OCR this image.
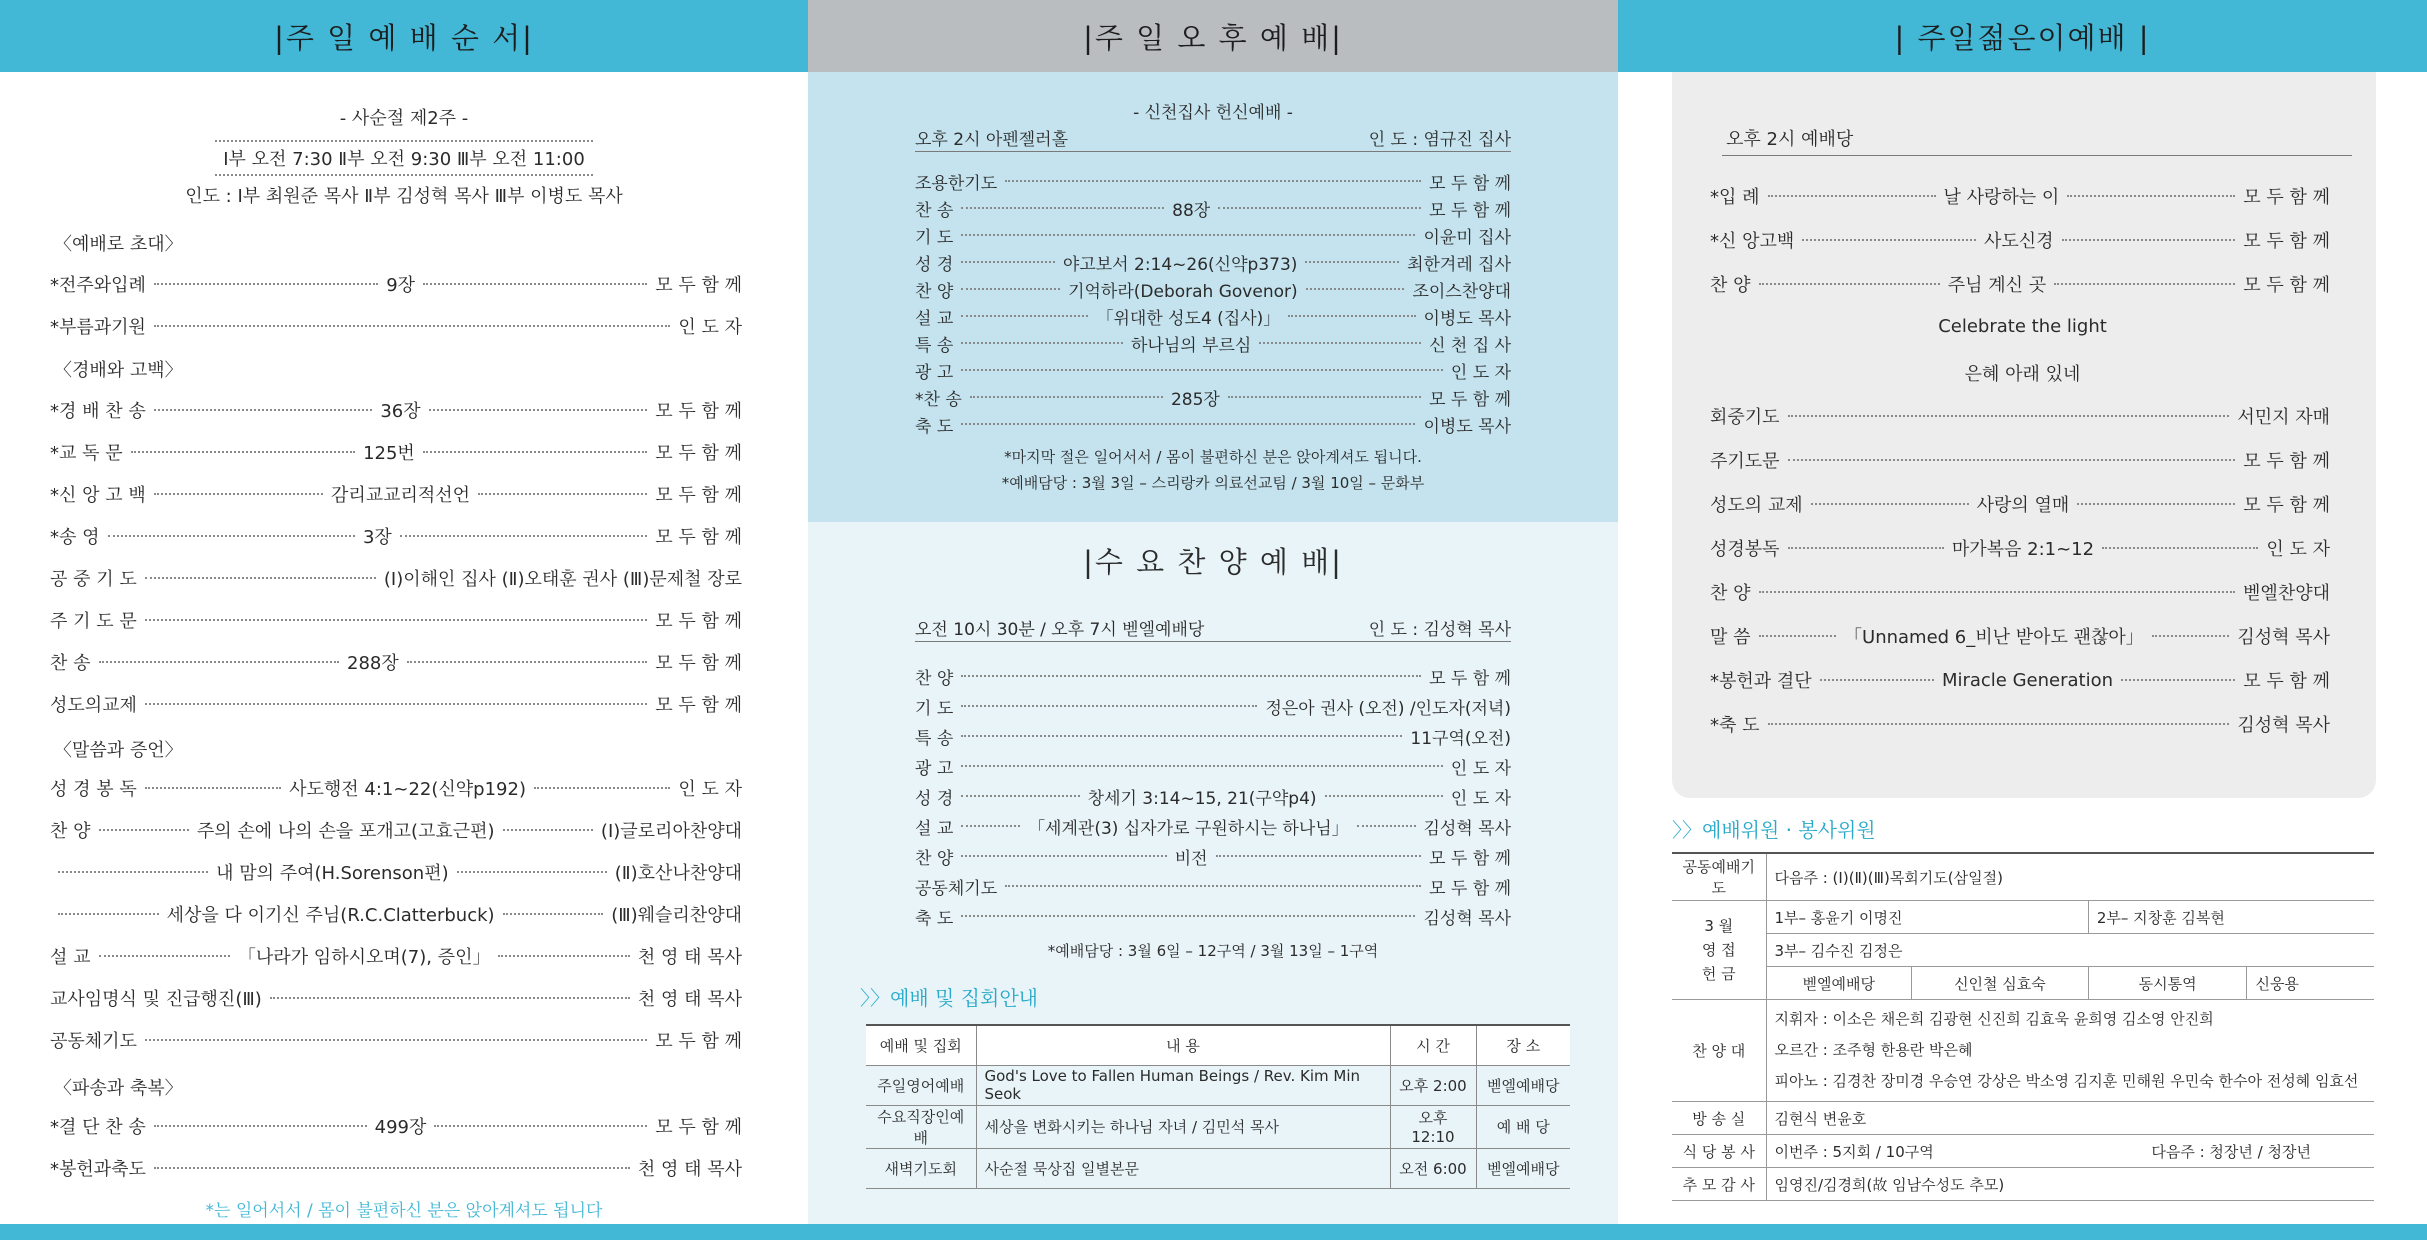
|주 일 예 배 순 서|
- 사순절 제2주 -
Ⅰ부 오전 7:30 Ⅱ부 오전 9:30 Ⅲ부 오전 11:00
인도 : Ⅰ부 최원준 목사 Ⅱ부 김성혁 목사 Ⅲ부 이병도 목사
〈예배로 초대〉
*전주와입례	9장	모 두 함 께
*부름과기원	인 도 자
*경 배 찬 송	36장	모 두 함 께
*교 독 문	125번	모 두 함 께
*신 앙 고 백	감리교교리적선언	모 두 함 께
*송 영	3장	모 두 함 께
공 중 기 도	(Ⅰ)이해인 집사 (Ⅱ)오태훈 권사 (Ⅲ)문제철 장로
주 기 도 문	모 두 함 께
찬 송	288장	모 두 함 께
성도의교제	모 두 함 께
성 경 봉 독	사도행전 4:1~22(신약p192)	인 도 자
찬 양	주의 손에 나의 손을 포개고(고효근편)	(Ⅰ)글로리아찬양대
내 맘의 주여(H.Sorenson편)	(Ⅱ)호산나찬양대
세상을 다 이기신 주님(R.C.Clatterbuck)	(Ⅲ)웨슬리찬양대
설 교	「나라가 임하시오며(7), 증인」	천 영 태 목사
교사임명식 및 진급행진(Ⅲ)	천 영 태 목사
공동체기도	모 두 함 께
*결 단 찬 송	499장	모 두 함 께
*봉헌과축도	천 영 태 목사
〈경배와 고백〉
〈말씀과 증언〉
〈파송과 축복〉
*는 일어서서 / 몸이 불편하신 분은 앉아계셔도 됩니다
|주 일 오 후 예 배|
- 신천집사 헌신예배 -
오후 2시 아펜젤러홀	인 도 : 염규진 집사
조용한기도	모 두 함 께
찬 송	88장	모 두 함 께
기 도	이윤미 집사
성 경	야고보서 2:14~26(신약p373)	최한겨레 집사
찬 양	기억하라(Deborah Govenor)	조이스찬양대
설 교	「위대한 성도4 (집사)」	이병도 목사
특 송	하나님의 부르심	신 천 집 사
광 고	인 도 자
*찬 송	285장	모 두 함 께
축 도	이병도 목사
*마지막 절은 일어서서 / 몸이 불편하신 분은 앉아계셔도 됩니다.
*예배담당 : 3월 3일 – 스리랑카 의료선교팀 / 3월 10일 – 문화부
|수 요 찬 양 예 배|
오전 10시 30분 / 오후 7시 벧엘예배당	인 도 : 김성혁 목사
찬 양	모 두 함 께
기 도	정은아 권사 (오전) /인도자(저녁)
특 송	11구역(오전)
광 고	인 도 자
성 경	창세기 3:14~15, 21(구약p4)	인 도 자
설 교	「세계관(3) 십자가로 구원하시는 하나님」	김성혁 목사
찬 양	비전	모 두 함 께
공동체기도	모 두 함 께
축 도	김성혁 목사
*예배담당 : 3월 6일 – 12구역 / 3월 13일 – 1구역
〉〉예배 및 집회안내
예배 및 집회	내 용	시 간	장 소
주일영어예배	God's Love to Fallen Human Beings / Rev. Kim Min Seok	오후 2:00	벧엘예배당
수요직장인예배	세상을 변화시키는 하나님 자녀 / 김민석 목사	오후 12:10	예 배 당
새벽기도회	사순절 묵상집 일별본문	오전 6:00	벧엘예배당
| 주일젊은이예배 |
오후 2시 예배당
*입 례	날 사랑하는 이	모 두 함 께
*신 앙고백	사도신경	모 두 함 께
찬 양	주님 계신 곳	모 두 함 께
Celebrate the light
은혜 아래 있네
회중기도	서민지 자매
주기도문	모 두 함 께
성도의 교제	사랑의 열매	모 두 함 께
성경봉독	마가복음 2:1~12	인 도 자
찬 양	벧엘찬양대
말 씀	「Unnamed 6_비난 받아도 괜찮아」	김성혁 목사
*봉헌과 결단	Miracle Generation	모 두 함 께
*축 도	김성혁 목사
〉〉예배위원 · 봉사위원
공동예배기도	다음주 : (Ⅰ)(Ⅱ)(Ⅲ)목회기도(삼일절)			
3 월
영 접
헌 금	1부– 홍윤기 이명진		2부– 지창훈 김복현	
	3부– 김수진 김정은			
	벧엘예배당	신인철 심효숙	동시통역	신웅용
찬 양 대	지휘자 : 이소은 채은희 김광현 신진희 김효욱 윤희영 김소영 안진희
오르간 : 조주형 한용란 박은혜
피아노 : 김경찬 장미경 우승연 강상은 박소영 김지훈 민해원 우민숙 한수아 전성혜 임효선			

방 송 실	김현식 변윤호			
식 당 봉 사	이번주 : 5지회 / 10구역		다음주 : 청장년 / 청장년	
추 모 감 사	임영진/김경희(故 임남수성도 추모)			
